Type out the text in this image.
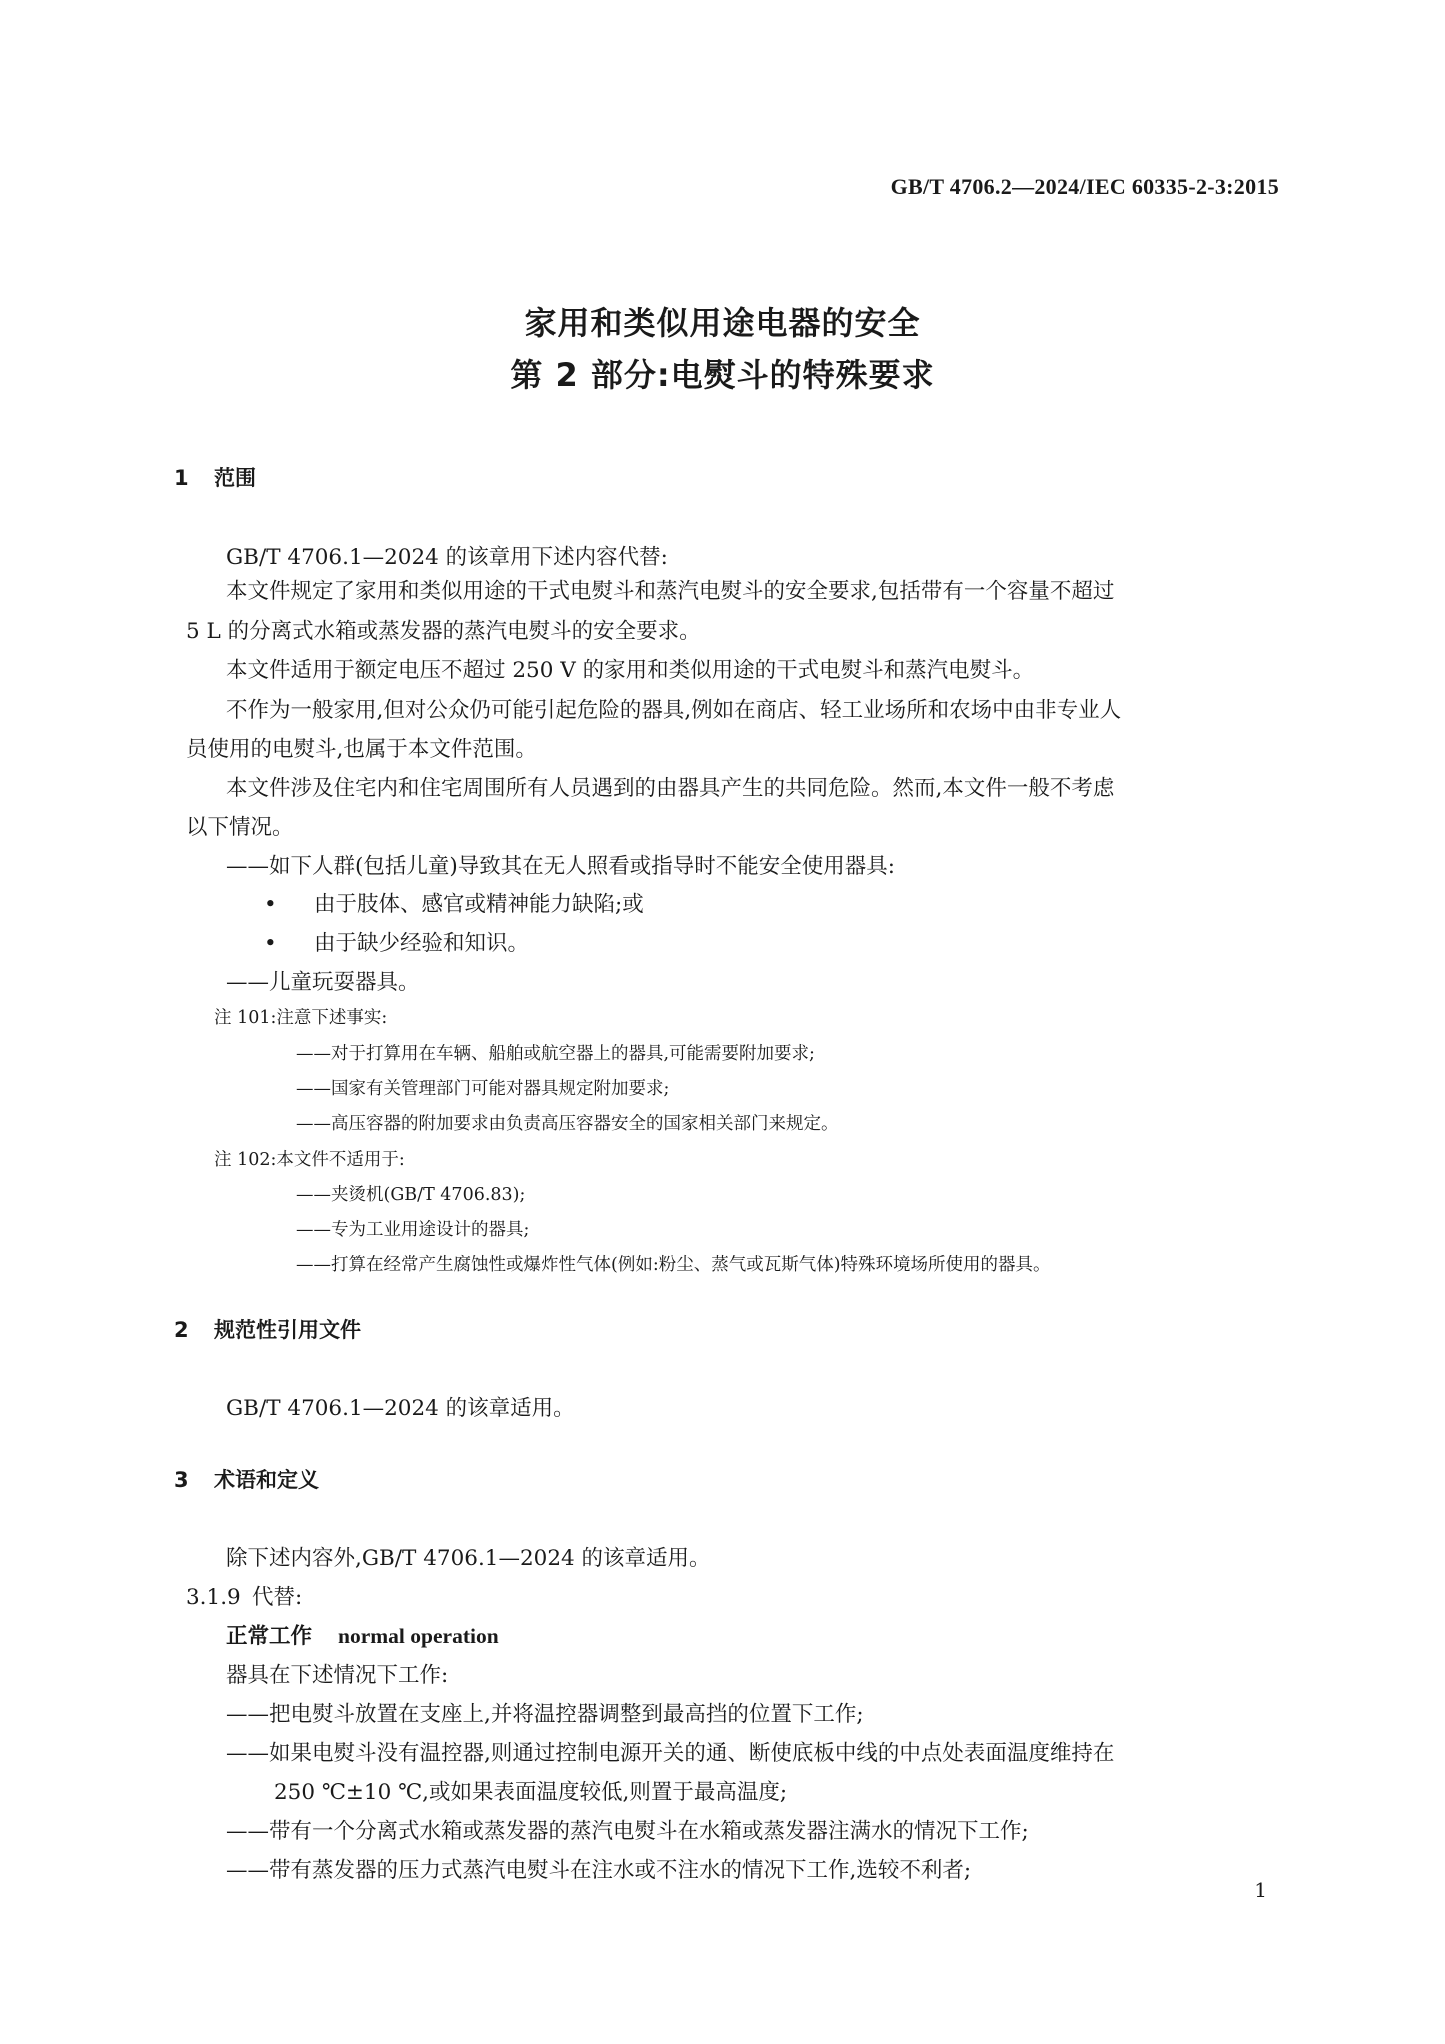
GB/T 4706.2—2024/IEC 60335-2-3:2015
家用和类似用途电器的安全
第 2 部分:电熨斗的特殊要求
1 范围
GB/T 4706.1—2024 的该章用下述内容代替:
本文件规定了家用和类似用途的干式电熨斗和蒸汽电熨斗的安全要求,包括带有一个容量不超过
5 L 的分离式水箱或蒸发器的蒸汽电熨斗的安全要求。
本文件适用于额定电压不超过 250 V 的家用和类似用途的干式电熨斗和蒸汽电熨斗。
不作为一般家用,但对公众仍可能引起危险的器具,例如在商店、轻工业场所和农场中由非专业人
员使用的电熨斗,也属于本文件范围。
本文件涉及住宅内和住宅周围所有人员遇到的由器具产生的共同危险。然而,本文件一般不考虑
以下情况。
——如下人群(包括儿童)导致其在无人照看或指导时不能安全使用器具:
• 由于肢体、感官或精神能力缺陷;或
• 由于缺少经验和知识。
——儿童玩耍器具。
注 101:注意下述事实:
——对于打算用在车辆、船舶或航空器上的器具,可能需要附加要求;
——国家有关管理部门可能对器具规定附加要求;
——高压容器的附加要求由负责高压容器安全的国家相关部门来规定。
注 102:本文件不适用于:
——夹烫机(GB/T 4706.83);
——专为工业用途设计的器具;
——打算在经常产生腐蚀性或爆炸性气体(例如:粉尘、蒸气或瓦斯气体)特殊环境场所使用的器具。
2 规范性引用文件
GB/T 4706.1—2024 的该章适用。
3 术语和定义
除下述内容外,GB/T 4706.1—2024 的该章适用。
3.1.9 代替:
正常工作 normal operation
器具在下述情况下工作:
——把电熨斗放置在支座上,并将温控器调整到最高挡的位置下工作;
——如果电熨斗没有温控器,则通过控制电源开关的通、断使底板中线的中点处表面温度维持在
250 ℃±10 ℃,或如果表面温度较低,则置于最高温度;
——带有一个分离式水箱或蒸发器的蒸汽电熨斗在水箱或蒸发器注满水的情况下工作;
——带有蒸发器的压力式蒸汽电熨斗在注水或不注水的情况下工作,选较不利者;
1
